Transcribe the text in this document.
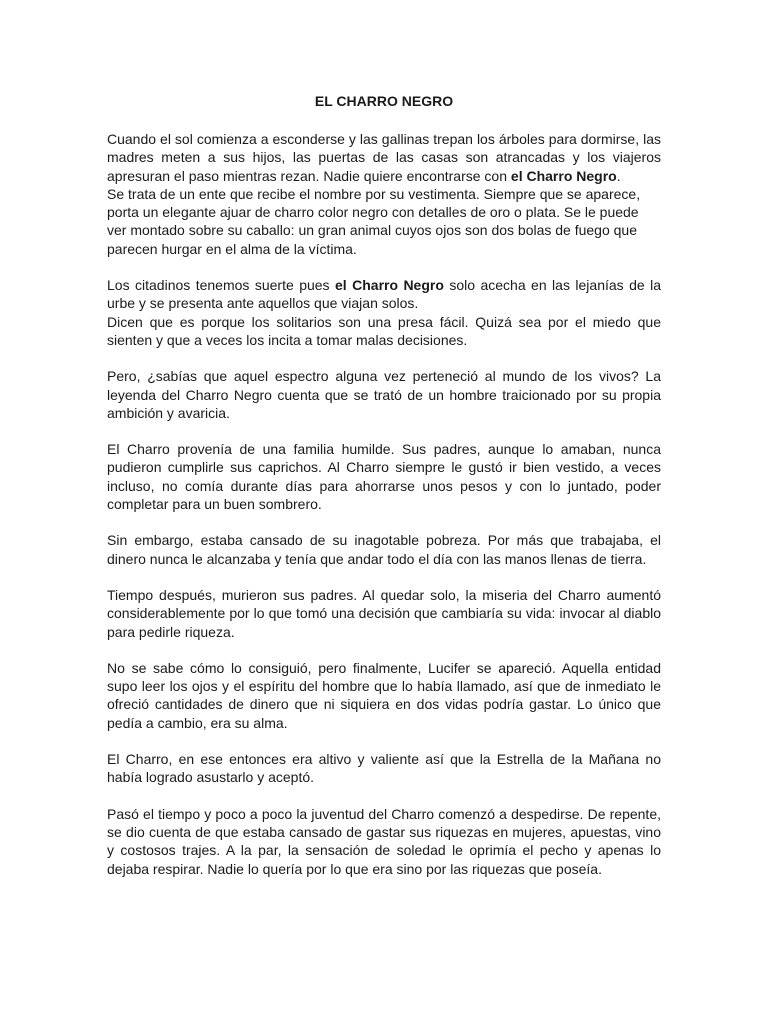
EL CHARRO NEGRO
Cuando el sol comienza a esconderse y las gallinas trepan los árboles para dormirse, las madres meten a sus hijos, las puertas de las casas son atrancadas y los viajeros apresuran el paso mientras rezan. Nadie quiere encontrarse con el Charro Negro.
Se trata de un ente que recibe el nombre por su vestimenta. Siempre que se aparece, porta un elegante ajuar de charro color negro con detalles de oro o plata. Se le puede ver montado sobre su caballo: un gran animal cuyos ojos son dos bolas de fuego que parecen hurgar en el alma de la víctima.
Los citadinos tenemos suerte pues el Charro Negro solo acecha en las lejanías de la urbe y se presenta ante aquellos que viajan solos.
Dicen que es porque los solitarios son una presa fácil. Quizá sea por el miedo que sienten y que a veces los incita a tomar malas decisiones.
Pero, ¿sabías que aquel espectro alguna vez perteneció al mundo de los vivos? La leyenda del Charro Negro cuenta que se trató de un hombre traicionado por su propia ambición y avaricia.
El Charro provenía de una familia humilde. Sus padres, aunque lo amaban, nunca pudieron cumplirle sus caprichos. Al Charro siempre le gustó ir bien vestido, a veces incluso, no comía durante días para ahorrarse unos pesos y con lo juntado, poder completar para un buen sombrero.
Sin embargo, estaba cansado de su inagotable pobreza. Por más que trabajaba, el dinero nunca le alcanzaba y tenía que andar todo el día con las manos llenas de tierra.
Tiempo después, murieron sus padres. Al quedar solo, la miseria del Charro aumentó considerablemente por lo que tomó una decisión que cambiaría su vida: invocar al diablo para pedirle riqueza.
No se sabe cómo lo consiguió, pero finalmente, Lucifer se apareció. Aquella entidad supo leer los ojos y el espíritu del hombre que lo había llamado, así que de inmediato le ofreció cantidades de dinero que ni siquiera en dos vidas podría gastar. Lo único que pedía a cambio, era su alma.
El Charro, en ese entonces era altivo y valiente así que la Estrella de la Mañana no había logrado asustarlo y aceptó.
Pasó el tiempo y poco a poco la juventud del Charro comenzó a despedirse. De repente, se dio cuenta de que estaba cansado de gastar sus riquezas en mujeres, apuestas, vino y costosos trajes. A la par, la sensación de soledad le oprimía el pecho y apenas lo dejaba respirar. Nadie lo quería por lo que era sino por las riquezas que poseía.
